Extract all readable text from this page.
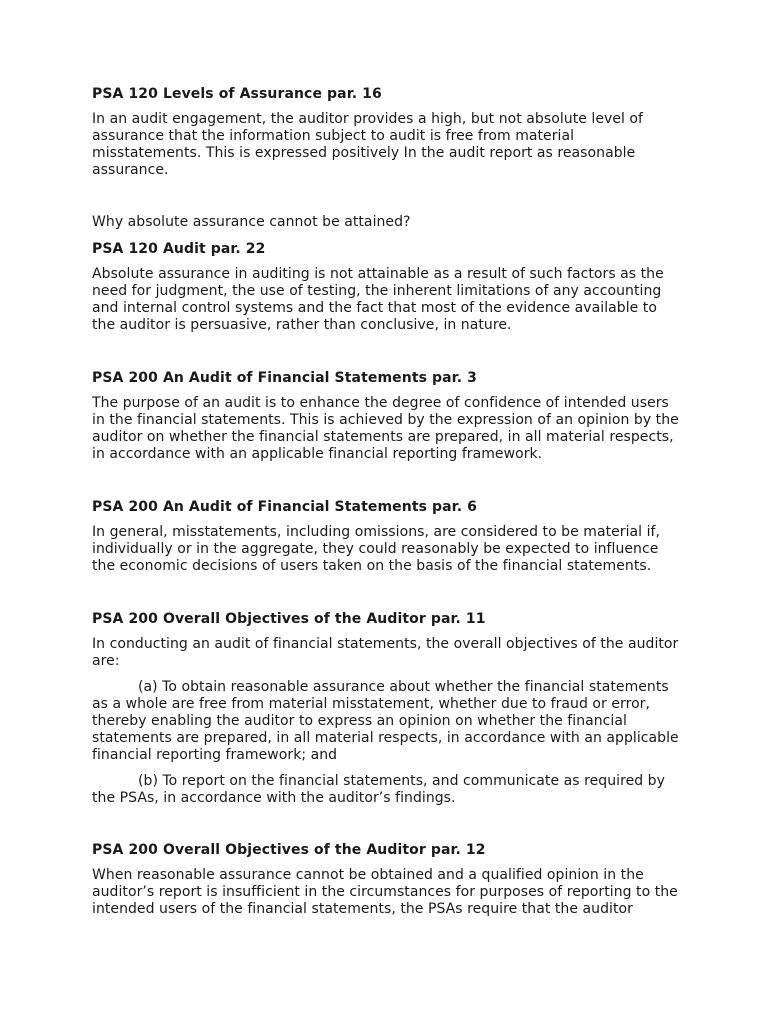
PSA 120 Levels of Assurance par. 16

In an audit engagement, the auditor provides a high, but not absolute level of assurance that the information subject to audit is free from material misstatements. This is expressed positively In the audit report as reasonable assurance.

Why absolute assurance cannot be attained?

PSA 120 Audit par. 22

Absolute assurance in auditing is not attainable as a result of such factors as the need for judgment, the use of testing, the inherent limitations of any accounting and internal control systems and the fact that most of the evidence available to the auditor is persuasive, rather than conclusive, in nature.

PSA 200 An Audit of Financial Statements par. 3

The purpose of an audit is to enhance the degree of confidence of intended users in the financial statements. This is achieved by the expression of an opinion by the auditor on whether the financial statements are prepared, in all material respects, in accordance with an applicable financial reporting framework.

PSA 200 An Audit of Financial Statements par. 6

In general, misstatements, including omissions, are considered to be material if, individually or in the aggregate, they could reasonably be expected to influence the economic decisions of users taken on the basis of the financial statements.

PSA 200 Overall Objectives of the Auditor par. 11

In conducting an audit of financial statements, the overall objectives of the auditor are:

(a) To obtain reasonable assurance about whether the financial statements as a whole are free from material misstatement, whether due to fraud or error, thereby enabling the auditor to express an opinion on whether the financial statements are prepared, in all material respects, in accordance with an applicable financial reporting framework; and

(b) To report on the financial statements, and communicate as required by the PSAs, in accordance with the auditor’s findings.

PSA 200 Overall Objectives of the Auditor par. 12

When reasonable assurance cannot be obtained and a qualified opinion in the auditor’s report is insufficient in the circumstances for purposes of reporting to the intended users of the financial statements, the PSAs require that the auditor
